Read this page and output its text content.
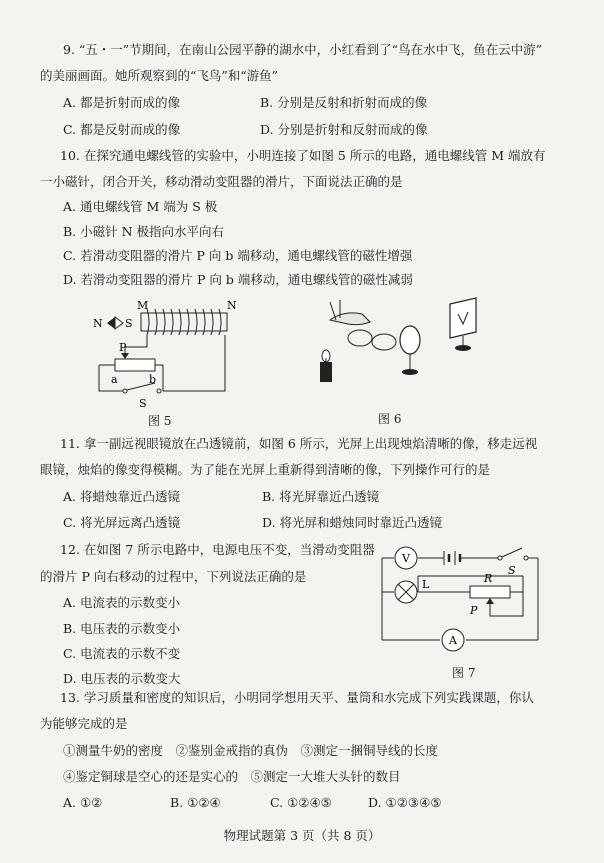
9. “五・一”节期间，在南山公园平静的湖水中，小红看到了“鸟在水中飞，鱼在云中游”
的美丽画面。她所观察到的“飞鸟”和“游鱼”
A. 都是折射而成的像	B. 分别是反射和折射而成的像
C. 都是反射而成的像	D. 分别是折射和反射而成的像
10. 在探究通电螺线管的实验中，小明连接了如图 5 所示的电路，通电螺线管 M 端放有
一小磁针，闭合开关，移动滑动变阻器的滑片，下面说法正确的是
A. 通电螺线管 M 端为 S 极
B. 小磁针 N 极指向水平向右
C. 若滑动变阻器的滑片 P 向 b 端移动，通电螺线管的磁性增强
D. 若滑动变阻器的滑片 P 向 b 端移动，通电螺线管的磁性减弱
N S
M	N
P
a	b
S
图 5	图 6
11. 拿一副远视眼镜放在凸透镜前，如图 6 所示，光屏上出现烛焰清晰的像，移走远视
眼镜，烛焰的像变得模糊。为了能在光屏上重新得到清晰的像，下列操作可行的是
A. 将蜡烛靠近凸透镜	B. 将光屏靠近凸透镜
C. 将光屏远离凸透镜	D. 将光屏和蜡烛同时靠近凸透镜
12. 在如图 7 所示电路中，电源电压不变，当滑动变阻器
的滑片 P 向右移动的过程中，下列说法正确的是
A. 电流表的示数变小
B. 电压表的示数变小
C. 电流表的示数不变
D. 电压表的示数变大
V
S
L	R
P
A
图 7
13. 学习质量和密度的知识后，小明同学想用天平、量筒和水完成下列实践课题，你认
为能够完成的是
①测量牛奶的密度　②鉴别金戒指的真伪　③测定一捆铜导线的长度
④鉴定铜球是空心的还是实心的　⑤测定一大堆大头针的数目
A. ①②	B. ①②④	C. ①②④⑤	D. ①②③④⑤
物理试题第 3 页（共 8 页）
